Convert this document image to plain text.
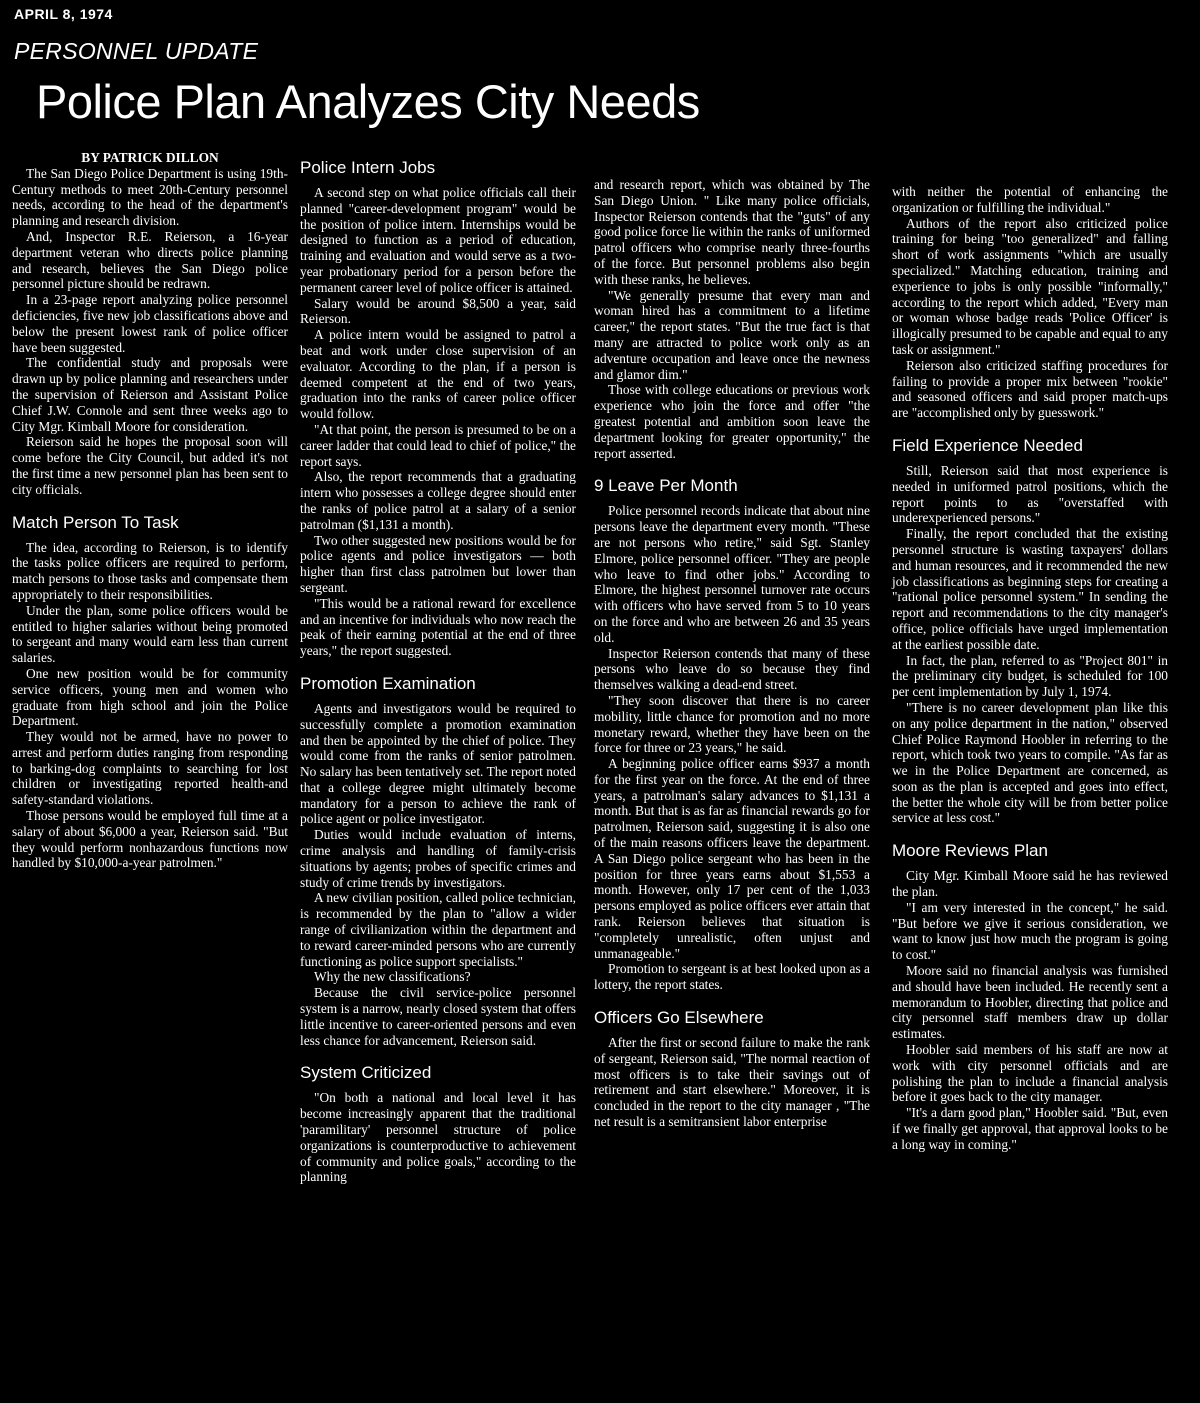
APRIL 8, 1974
PERSONNEL UPDATE
Police Plan Analyzes City Needs
BY PATRICK DILLON

The San Diego Police Department is using 19th-Century methods to meet 20th-Century personnel needs, according to the head of the department's planning and research division.

And, Inspector R.E. Reierson, a 16-year department veteran who directs police planning and research, believes the San Diego police personnel picture should be redrawn.

In a 23-page report analyzing police personnel deficiencies, five new job classifications above and below the present lowest rank of police officer have been suggested.

The confidential study and proposals were drawn up by police planning and researchers under the supervision of Reierson and Assistant Police Chief J.W. Connole and sent three weeks ago to City Mgr. Kimball Moore for consideration.

Reierson said he hopes the proposal soon will come before the City Council, but added it's not the first time a new personnel plan has been sent to city officials.

Match Person To Task

The idea, according to Reierson, is to identify the tasks police officers are required to perform, match persons to those tasks and compensate them appropriately to their responsibilities.

Under the plan, some police officers would be entitled to higher salaries without being promoted to sergeant and many would earn less than current salaries.

One new position would be for community service officers, young men and women who graduate from high school and join the Police Department.

They would not be armed, have no power to arrest and perform duties ranging from responding to barking-dog complaints to searching for lost children or investigating reported health-and safety-standard violations.

Those persons would be employed full time at a salary of about $6,000 a year, Reierson said. "But they would perform nonhazardous functions now handled by $10,000-a-year patrolmen."

Police Intern Jobs

A second step on what police officials call their planned "career-development program" would be the position of police intern. Internships would be designed to function as a period of education, training and evaluation and would serve as a two-year probationary period for a person before the permanent career level of police officer is attained.

Salary would be around $8,500 a year, said Reierson.

A police intern would be assigned to patrol a beat and work under close supervision of an evaluator. According to the plan, if a person is deemed competent at the end of two years, graduation into the ranks of career police officer would follow.

"At that point, the person is presumed to be on a career ladder that could lead to chief of police," the report says.

Also, the report recommends that a graduating intern who possesses a college degree should enter the ranks of police patrol at a salary of a senior patrolman ($1,131 a month).

Two other suggested new positions would be for police agents and police investigators — both higher than first class patrolmen but lower than sergeant.

"This would be a rational reward for excellence and an incentive for individuals who now reach the peak of their earning potential at the end of three years," the report suggested.

Promotion Examination

Agents and investigators would be required to successfully complete a promotion examination and then be appointed by the chief of police. They would come from the ranks of senior patrolmen. No salary has been tentatively set. The report noted that a college degree might ultimately become mandatory for a person to achieve the rank of police agent or police investigator.

Duties would include evaluation of interns, crime analysis and handling of family-crisis situations by agents; probes of specific crimes and study of crime trends by investigators.

A new civilian position, called police technician, is recommended by the plan to "allow a wider range of civilianization within the department and to reward career-minded persons who are currently functioning as police support specialists."

Why the new classifications?

Because the civil service-police personnel system is a narrow, nearly closed system that offers little incentive to career-oriented persons and even less chance for advancement, Reierson said.

System Criticized

"On both a national and local level it has become increasingly apparent that the traditional 'paramilitary' personnel structure of police organizations is counterproductive to achievement of community and police goals," according to the planning

and research report, which was obtained by The San Diego Union. " Like many police officials, Inspector Reierson contends that the "guts" of any good police force lie within the ranks of uniformed patrol officers who comprise nearly three-fourths of the force. But personnel problems also begin with these ranks, he believes.

"We generally presume that every man and woman hired has a commitment to a lifetime career," the report states. "But the true fact is that many are attracted to police work only as an adventure occupation and leave once the newness and glamor dim."

Those with college educations or previous work experience who join the force and offer "the greatest potential and ambition soon leave the department looking for greater opportunity," the report asserted.

9 Leave Per Month

Police personnel records indicate that about nine persons leave the department every month. "These are not persons who retire," said Sgt. Stanley Elmore, police personnel officer. "They are people who leave to find other jobs." According to Elmore, the highest personnel turnover rate occurs with officers who have served from 5 to 10 years on the force and who are between 26 and 35 years old.

Inspector Reierson contends that many of these persons who leave do so because they find themselves walking a dead-end street.

"They soon discover that there is no career mobility, little chance for promotion and no more monetary reward, whether they have been on the force for three or 23 years," he said.

A beginning police officer earns $937 a month for the first year on the force. At the end of three years, a patrolman's salary advances to $1,131 a month. But that is as far as financial rewards go for patrolmen, Reierson said, suggesting it is also one of the main reasons officers leave the department. A San Diego police sergeant who has been in the position for three years earns about $1,553 a month. However, only 17 per cent of the 1,033 persons employed as police officers ever attain that rank. Reierson believes that situation is "completely unrealistic, often unjust and unmanageable."

Promotion to sergeant is at best looked upon as a lottery, the report states.

Officers Go Elsewhere

After the first or second failure to make the rank of sergeant, Reierson said, "The normal reaction of most officers is to take their savings out of retirement and start elsewhere." Moreover, it is concluded in the report to the city manager , "The net result is a semitransient labor enterprise

with neither the potential of enhancing the organization or fulfilling the individual."

Authors of the report also criticized police training for being "too generalized" and falling short of work assignments "which are usually specialized." Matching education, training and experience to jobs is only possible "informally," according to the report which added, "Every man or woman whose badge reads 'Police Officer' is illogically presumed to be capable and equal to any task or assignment."

Reierson also criticized staffing procedures for failing to provide a proper mix between "rookie" and seasoned officers and said proper match-ups are "accomplished only by guesswork."

Field Experience Needed

Still, Reierson said that most experience is needed in uniformed patrol positions, which the report points to as "overstaffed with underexperienced persons."

Finally, the report concluded that the existing personnel structure is wasting taxpayers' dollars and human resources, and it recommended the new job classifications as beginning steps for creating a "rational police personnel system." In sending the report and recommendations to the city manager's office, police officials have urged implementation at the earliest possible date.

In fact, the plan, referred to as "Project 801" in the preliminary city budget, is scheduled for 100 per cent implementation by July 1, 1974.

"There is no career development plan like this on any police department in the nation," observed Chief Police Raymond Hoobler in referring to the report, which took two years to compile. "As far as we in the Police Department are concerned, as soon as the plan is accepted and goes into effect, the better the whole city will be from better police service at less cost."

Moore Reviews Plan

City Mgr. Kimball Moore said he has reviewed the plan.

"I am very interested in the concept," he said. "But before we give it serious consideration, we want to know just how much the program is going to cost."

Moore said no financial analysis was furnished and should have been included. He recently sent a memorandum to Hoobler, directing that police and city personnel staff members draw up dollar estimates.

Hoobler said members of his staff are now at work with city personnel officials and are polishing the plan to include a financial analysis before it goes back to the city manager.

"It's a darn good plan," Hoobler said. "But, even if we finally get approval, that approval looks to be a long way in coming."
